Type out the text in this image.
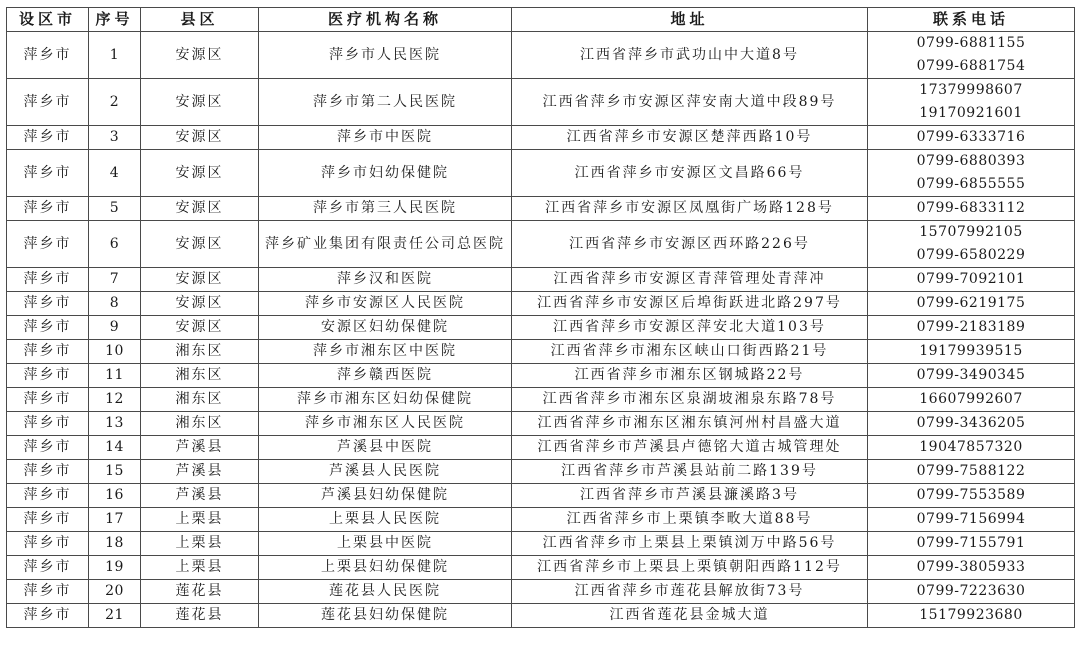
设区市	序号	县区	医疗机构名称	地址	联系电话
萍乡市	1	安源区	萍乡市人民医院	江西省萍乡市武功山中大道8号	0799-6881155
0799-6881754

萍乡市	2	安源区	萍乡市第二人民医院	江西省萍乡市安源区萍安南大道中段89号	17379998607
19170921601

萍乡市	3	安源区	萍乡市中医院	江西省萍乡市安源区楚萍西路10号	0799-6333716

萍乡市	4	安源区	萍乡市妇幼保健院	江西省萍乡市安源区文昌路66号	0799-6880393
0799-6855555

萍乡市	5	安源区	萍乡市第三人民医院	江西省萍乡市安源区凤凰街广场路128号	0799-6833112

萍乡市	6	安源区	萍乡矿业集团有限责任公司总医院	江西省萍乡市安源区西环路226号	15707992105
0799-6580229

萍乡市	7	安源区	萍乡汉和医院	江西省萍乡市安源区青萍管理处青萍冲	0799-7092101

萍乡市	8	安源区	萍乡市安源区人民医院	江西省萍乡市安源区后埠街跃进北路297号	0799-6219175

萍乡市	9	安源区	安源区妇幼保健院	江西省萍乡市安源区萍安北大道103号	0799-2183189

萍乡市	10	湘东区	萍乡市湘东区中医院	江西省萍乡市湘东区峡山口街西路21号	19179939515

萍乡市	11	湘东区	萍乡赣西医院	江西省萍乡市湘东区钢城路22号	0799-3490345

萍乡市	12	湘东区	萍乡市湘东区妇幼保健院	江西省萍乡市湘东区泉湖坡湘泉东路78号	16607992607

萍乡市	13	湘东区	萍乡市湘东区人民医院	江西省萍乡市湘东区湘东镇河州村昌盛大道	0799-3436205

萍乡市	14	芦溪县	芦溪县中医院	江西省萍乡市芦溪县卢德铭大道古城管理处	19047857320

萍乡市	15	芦溪县	芦溪县人民医院	江西省萍乡市芦溪县站前二路139号	0799-7588122

萍乡市	16	芦溪县	芦溪县妇幼保健院	江西省萍乡市芦溪县濂溪路3号	0799-7553589

萍乡市	17	上栗县	上栗县人民医院	江西省萍乡市上栗镇李畋大道88号	0799-7156994

萍乡市	18	上栗县	上栗县中医院	江西省萍乡市上栗县上栗镇浏万中路56号	0799-7155791

萍乡市	19	上栗县	上栗县妇幼保健院	江西省萍乡市上栗县上栗镇朝阳西路112号	0799-3805933

萍乡市	20	莲花县	莲花县人民医院	江西省萍乡市莲花县解放街73号	0799-7223630

萍乡市	21	莲花县	莲花县妇幼保健院	江西省莲花县金城大道	15179923680
